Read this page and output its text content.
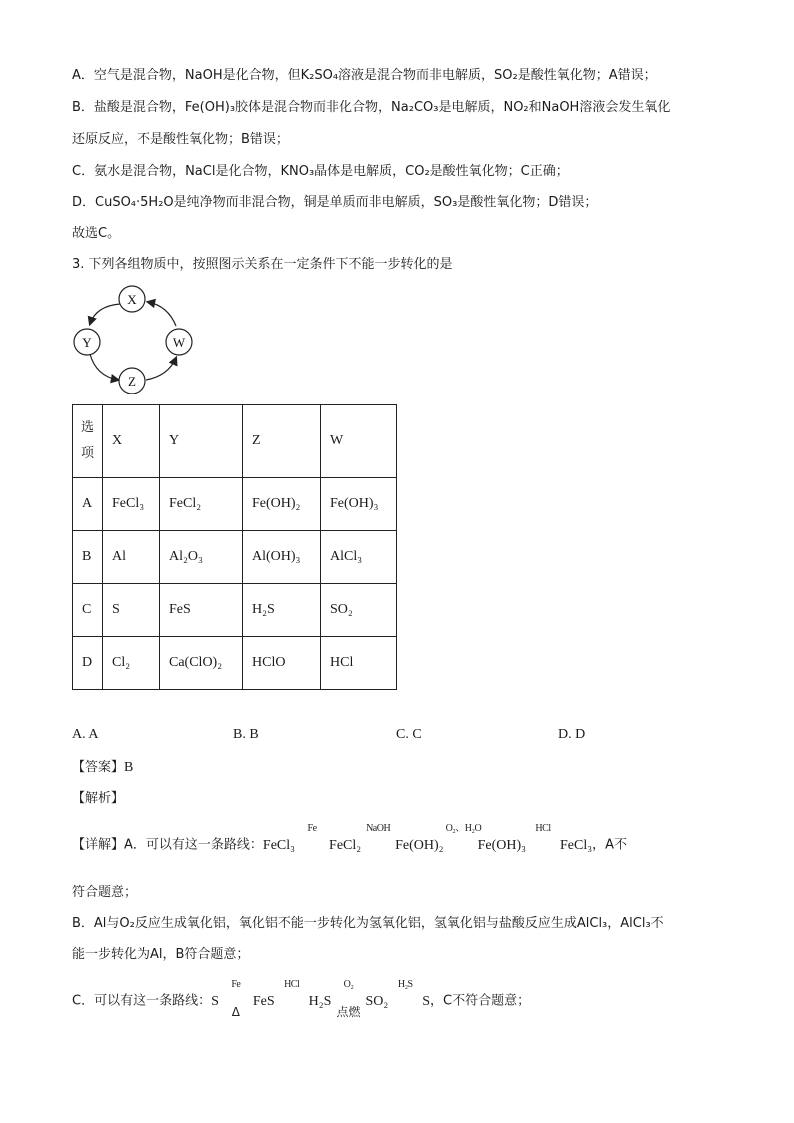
A．空气是混合物，NaOH是化合物，但K₂SO₄溶液是混合物而非电解质，SO₂是酸性氧化物；A错误；
B．盐酸是混合物，Fe(OH)₃胶体是混合物而非化合物，Na₂CO₃是电解质，NO₂和NaOH溶液会发生氧化
还原反应，不是酸性氧化物；B错误；
C．氨水是混合物，NaCl是化合物，KNO₃晶体是电解质，CO₂是酸性氧化物；C正确；
D．CuSO₄·5H₂O是纯净物而非混合物，铜是单质而非电解质，SO₃是酸性氧化物；D错误；
故选C。
3. 下列各组物质中，按照图示关系在一定条件下不能一步转化的是
X
W
Z
Y
选项	X	Y	Z	W
A	FeCl₃	FeCl₂	Fe(OH)₂	Fe(OH)₃
B	Al	Al₂O₃	Al(OH)₃	AlCl₃
C	S	FeS	H₂S	SO₂
D	Cl₂	Ca(ClO)₂	HClO	HCl
A. A	B. B	C. C	D. D
【答案】B
【解析】
【详解】A．可以有这一条路线：FeCl₃
Fe
FeCl₂
NaOH
Fe(OH)₂
O₂、H₂O
Fe(OH)₃
HCl
FeCl₃，A不
符合题意；
B．Al与O₂反应生成氧化铝，氧化铝不能一步转化为氢氧化铝，氢氧化铝与盐酸反应生成AlCl₃，AlCl₃不
能一步转化为Al，B符合题意；
C．可以有这一条路线：S
Fe
Δ
FeS
HCl
H₂S
O₂
点燃
SO₂
H₂S
S，C不符合题意；
